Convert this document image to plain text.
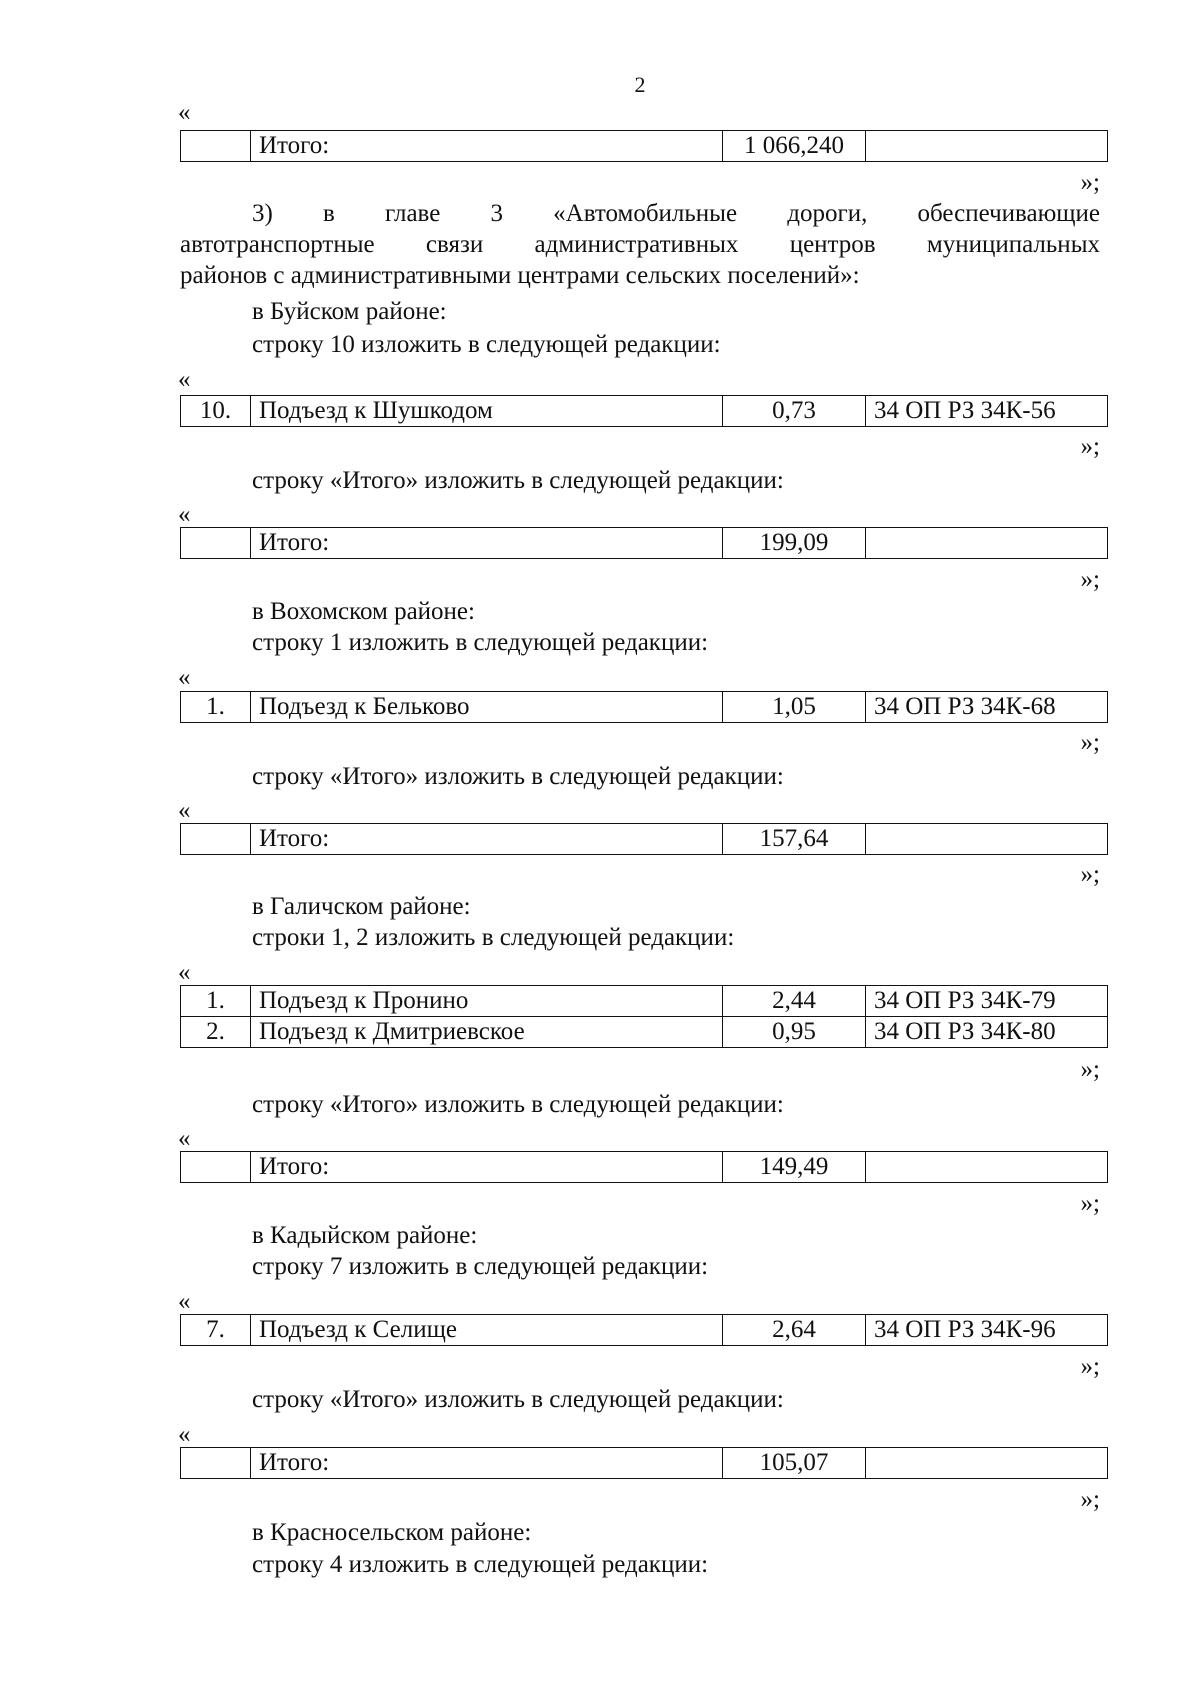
2
«
	Итого:	1 066,240	
»;
3) в главе 3 «Автомобильные дороги, обеспечивающие
автотранспортные связи административных центров муниципальных
районов с административными центрами сельских поселений»:
в Буйском районе:
строку 10 изложить в следующей редакции:
«
10.	Подъезд к Шушкодом	0,73	34 ОП РЗ 34К-56
»;
строку «Итого» изложить в следующей редакции:
«
	Итого:	199,09	
»;
в Вохомском районе:
строку 1 изложить в следующей редакции:
«
1.	Подъезд к Бельково	1,05	34 ОП РЗ 34К-68
»;
строку «Итого» изложить в следующей редакции:
«
	Итого:	157,64	
»;
в Галичском районе:
строки 1, 2 изложить в следующей редакции:
«
1.	Подъезд к Пронино	2,44	34 ОП РЗ 34К-79
2.	Подъезд к Дмитриевское	0,95	34 ОП РЗ 34К-80
»;
строку «Итого» изложить в следующей редакции:
«
	Итого:	149,49	
»;
в Кадыйском районе:
строку 7 изложить в следующей редакции:
«
7.	Подъезд к Селище	2,64	34 ОП РЗ 34К-96
»;
строку «Итого» изложить в следующей редакции:
«
	Итого:	105,07	
»;
в Красносельском районе:
строку 4 изложить в следующей редакции:
